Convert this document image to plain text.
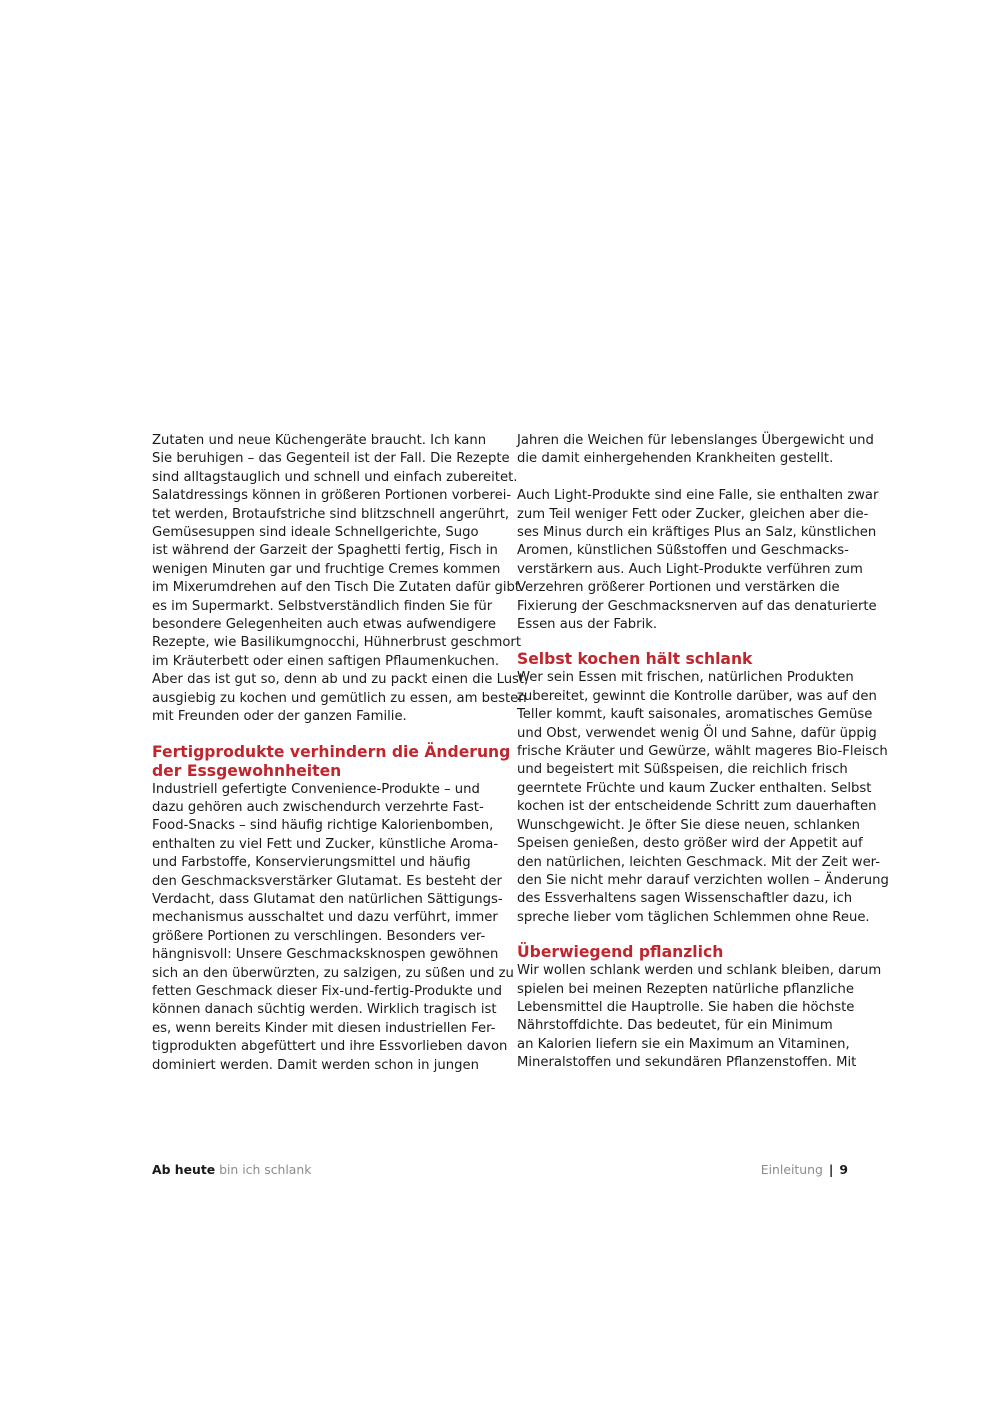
Zutaten und neue Küchengeräte braucht. Ich kann
Sie beruhigen – das Gegenteil ist der Fall. Die Rezepte
sind alltagstauglich und schnell und einfach zubereitet.
Salatdressings können in größeren Portionen vorberei-
tet werden, Brotaufstriche sind blitzschnell angerührt,
Gemüsesuppen sind ideale Schnellgerichte, Sugo
ist während der Garzeit der Spaghetti fertig, Fisch in
wenigen Minuten gar und fruchtige Cremes kommen
im Mixerumdrehen auf den Tisch Die Zutaten dafür gibt
es im Supermarkt. Selbstverständlich finden Sie für
besondere Gelegenheiten auch etwas aufwendigere
Rezepte, wie Basilikumgnocchi, Hühnerbrust geschmort
im Kräuterbett oder einen saftigen Pflaumenkuchen.
Aber das ist gut so, denn ab und zu packt einen die Lust,
ausgiebig zu kochen und gemütlich zu essen, am besten
mit Freunden oder der ganzen Familie.
Fertigprodukte verhindern die Änderung
der Essgewohnheiten
Industriell gefertigte Convenience-Produkte – und
dazu gehören auch zwischendurch verzehrte Fast-
Food-Snacks – sind häufig richtige Kalorienbomben,
enthalten zu viel Fett und Zucker, künstliche Aroma-
und Farbstoffe, Konservierungsmittel und häufig
den Geschmacksverstärker Glutamat. Es besteht der
Verdacht, dass Glutamat den natürlichen Sättigungs-
mechanismus ausschaltet und dazu verführt, immer
größere Portionen zu verschlingen. Besonders ver-
hängnisvoll: Unsere Geschmacksknospen gewöhnen
sich an den überwürzten, zu salzigen, zu süßen und zu
fetten Geschmack dieser Fix-und-fertig-Produkte und
können danach süchtig werden. Wirklich tragisch ist
es, wenn bereits Kinder mit diesen industriellen Fer-
tigprodukten abgefüttert und ihre Essvorlieben davon
dominiert werden. Damit werden schon in jungen
Jahren die Weichen für lebenslanges Übergewicht und
die damit einhergehenden Krankheiten gestellt.
Auch Light-Produkte sind eine Falle, sie enthalten zwar
zum Teil weniger Fett oder Zucker, gleichen aber die-
ses Minus durch ein kräftiges Plus an Salz, künstlichen
Aromen, künstlichen Süßstoffen und Geschmacks-
verstärkern aus. Auch Light-Produkte verführen zum
Verzehren größerer Portionen und verstärken die
Fixierung der Geschmacksnerven auf das denaturierte
Essen aus der Fabrik.
Selbst kochen hält schlank
Wer sein Essen mit frischen, natürlichen Produkten
zubereitet, gewinnt die Kontrolle darüber, was auf den
Teller kommt, kauft saisonales, aromatisches Gemüse
und Obst, verwendet wenig Öl und Sahne, dafür üppig
frische Kräuter und Gewürze, wählt mageres Bio-Fleisch
und begeistert mit Süßspeisen, die reichlich frisch
geerntete Früchte und kaum Zucker enthalten. Selbst
kochen ist der entscheidende Schritt zum dauerhaften
Wunschgewicht. Je öfter Sie diese neuen, schlanken
Speisen genießen, desto größer wird der Appetit auf
den natürlichen, leichten Geschmack. Mit der Zeit wer-
den Sie nicht mehr darauf verzichten wollen – Änderung
des Essverhaltens sagen Wissenschaftler dazu, ich
spreche lieber vom täglichen Schlemmen ohne Reue.
Überwiegend pflanzlich
Wir wollen schlank werden und schlank bleiben, darum
spielen bei meinen Rezepten natürliche pflanzliche
Lebensmittel die Hauptrolle. Sie haben die höchste
Nährstoffdichte. Das bedeutet, für ein Minimum
an Kalorien liefern sie ein Maximum an Vitaminen,
Mineralstoffen und sekundären Pflanzenstoffen. Mit
Ab heute bin ich schlank	Einleitung | 9
